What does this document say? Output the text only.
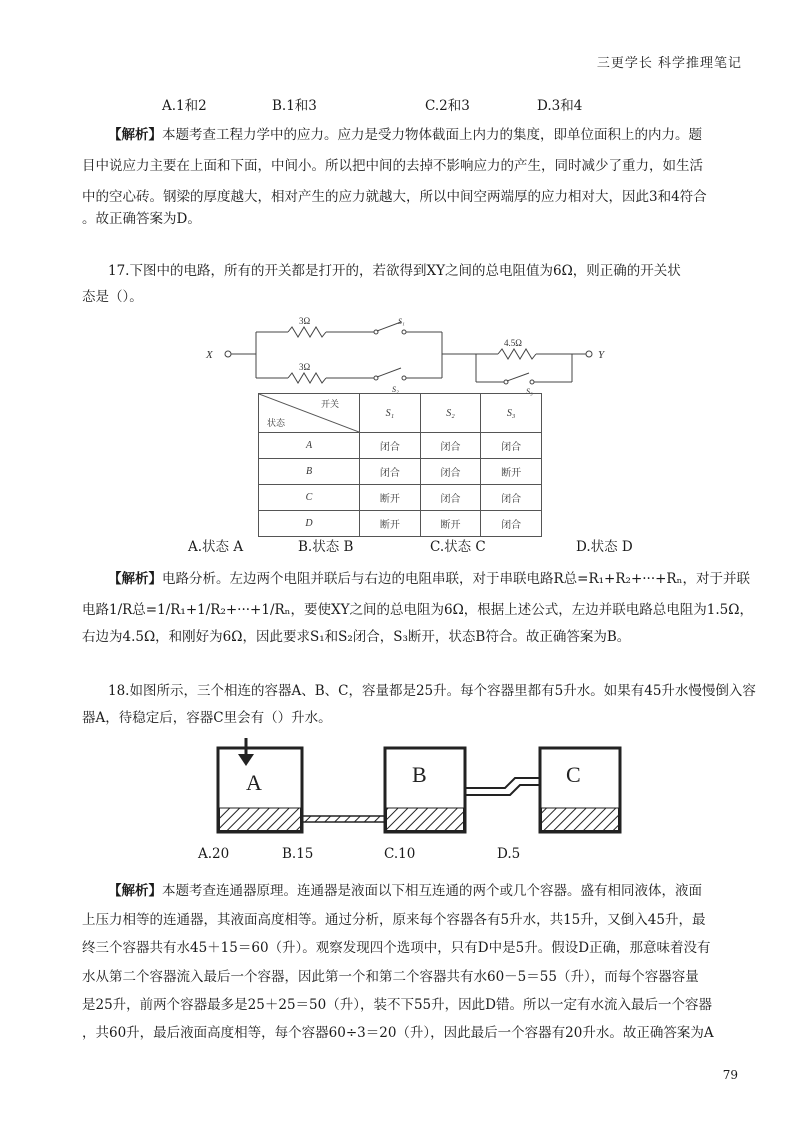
三更学长 科学推理笔记
A.1和2	B.1和3	C.2和3	D.3和4
【解析】本题考查工程力学中的应力。应力是受力物体截面上内力的集度，即单位面积上的内力。题
目中说应力主要在上面和下面，中间小。所以把中间的去掉不影响应力的产生，同时减少了重力，如生活
中的空心砖。钢梁的厚度越大，相对产生的应力就越大，所以中间空两端厚的应力相对大，因此3和4符合
。故正确答案为D。
17.下图中的电路，所有的开关都是打开的，若欲得到XY之间的总电阻值为6Ω，则正确的开关状
态是（）。
X	Y
3Ω
3Ω
4.5Ω
S₁
S₂	S₃
开关
状态	S₁	S₂	S₃
A	闭合	闭合	闭合
B	闭合	闭合	断开
C	断开	闭合	闭合
D	断开	断开	闭合
A.状态 A	B.状态 B	C.状态 C	D.状态 D
【解析】电路分析。左边两个电阻并联后与右边的电阻串联，对于串联电路R总=R₁+R₂+···+Rₙ，对于并联
电路1/R总=1/R₁+1/R₂+···+1/Rₙ，要使XY之间的总电阻为6Ω，根据上述公式，左边并联电路总电阻为1.5Ω，
右边为4.5Ω，和刚好为6Ω，因此要求S₁和S₂闭合，S₃断开，状态B符合。故正确答案为B。
18.如图所示，三个相连的容器A、B、C，容量都是25升。每个容器里都有5升水。如果有45升水慢慢倒入容
器A，待稳定后，容器C里会有（）升水。
A	B	C
A.20	B.15	C.10	D.5
【解析】本题考查连通器原理。连通器是液面以下相互连通的两个或几个容器。盛有相同液体，液面
上压力相等的连通器，其液面高度相等。通过分析，原来每个容器各有5升水，共15升，又倒入45升，最
终三个容器共有水45＋15＝60（升）。观察发现四个选项中，只有D中是5升。假设D正确，那意味着没有
水从第二个容器流入最后一个容器，因此第一个和第二个容器共有水60－5＝55（升），而每个容器容量
是25升，前两个容器最多是25＋25＝50（升），装不下55升，因此D错。所以一定有水流入最后一个容器
，共60升，最后液面高度相等，每个容器60÷3＝20（升），因此最后一个容器有20升水。故正确答案为A
79
